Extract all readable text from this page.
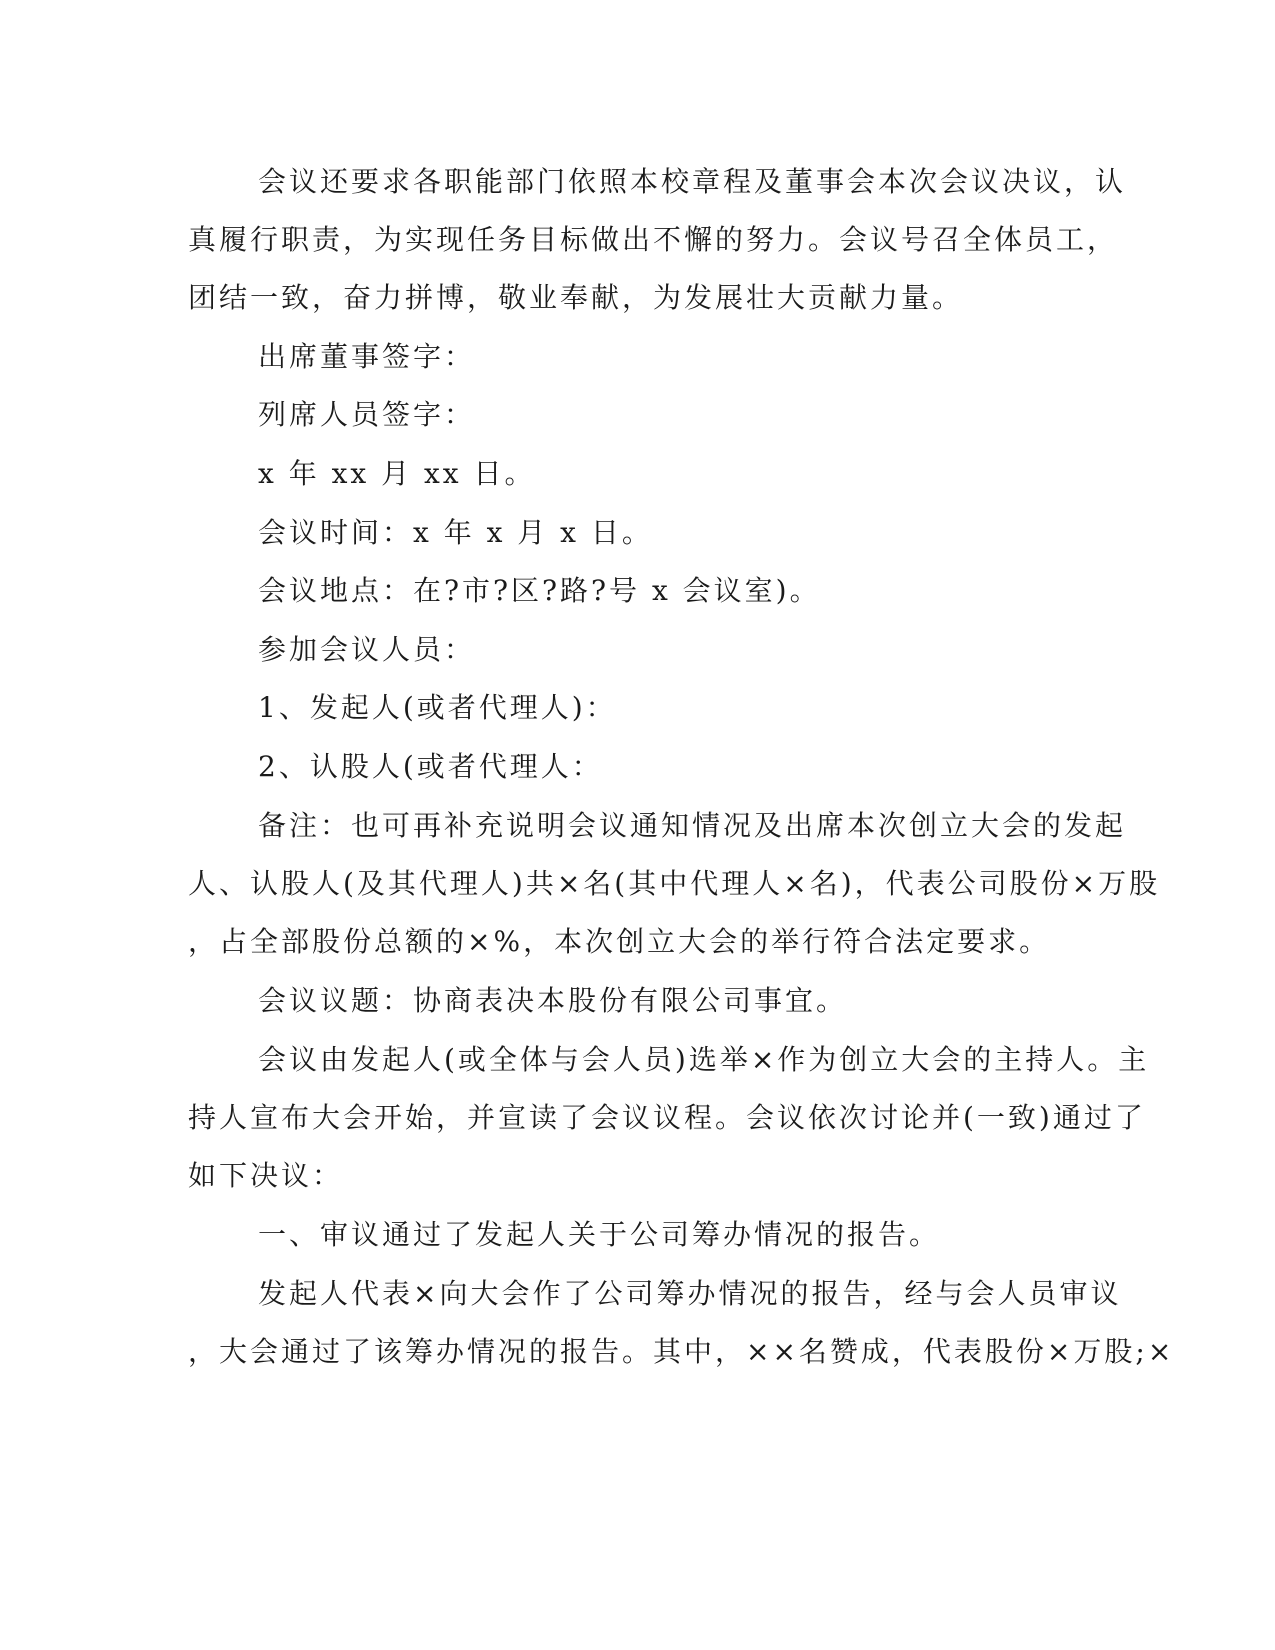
会议还要求各职能部门依照本校章程及董事会本次会议决议，认
真履行职责，为实现任务目标做出不懈的努力。会议号召全体员工，
团结一致，奋力拼博，敬业奉献，为发展壮大贡献力量。
出席董事签字：
列席人员签字：
x 年 xx 月 xx 日。
会议时间：x 年 x 月 x 日。
会议地点：在?市?区?路?号 x 会议室)。
参加会议人员：
1、发起人(或者代理人)：
2、认股人(或者代理人：
备注：也可再补充说明会议通知情况及出席本次创立大会的发起
人、认股人(及其代理人)共×名(其中代理人×名)，代表公司股份×万股
，占全部股份总额的×%，本次创立大会的举行符合法定要求。
会议议题：协商表决本股份有限公司事宜。
会议由发起人(或全体与会人员)选举×作为创立大会的主持人。主
持人宣布大会开始，并宣读了会议议程。会议依次讨论并(一致)通过了
如下决议：
一、审议通过了发起人关于公司筹办情况的报告。
发起人代表×向大会作了公司筹办情况的报告，经与会人员审议
，大会通过了该筹办情况的报告。其中，××名赞成，代表股份×万股;×
